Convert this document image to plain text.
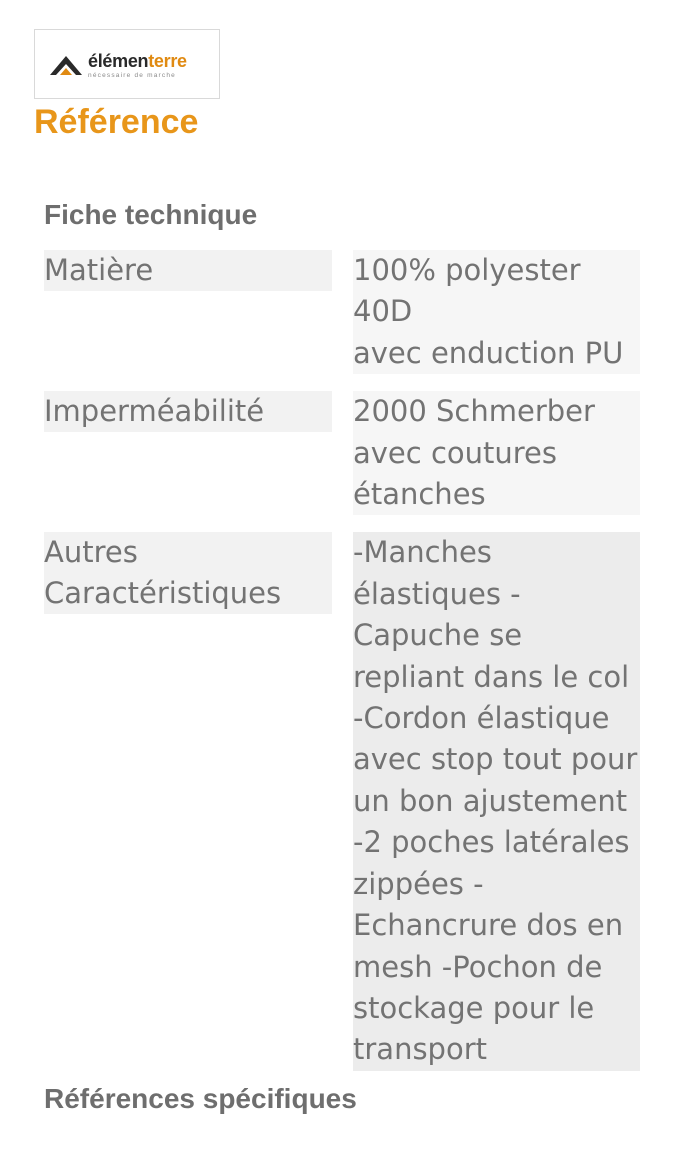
élémenterre
nécessaire de marche
Référence
Fiche technique
Matière	100% polyester 40D
avec enduction PU
Imperméabilité	2000 Schmerber
avec coutures
étanches
Autres
Caractéristiques
-Manches
élastiques -
Capuche se
repliant dans le col
-Cordon élastique
avec stop tout pour
un bon ajustement
-2 poches latérales
zippées -
Echancrure dos en
mesh -Pochon de
stockage pour le
transport
Références spécifiques
